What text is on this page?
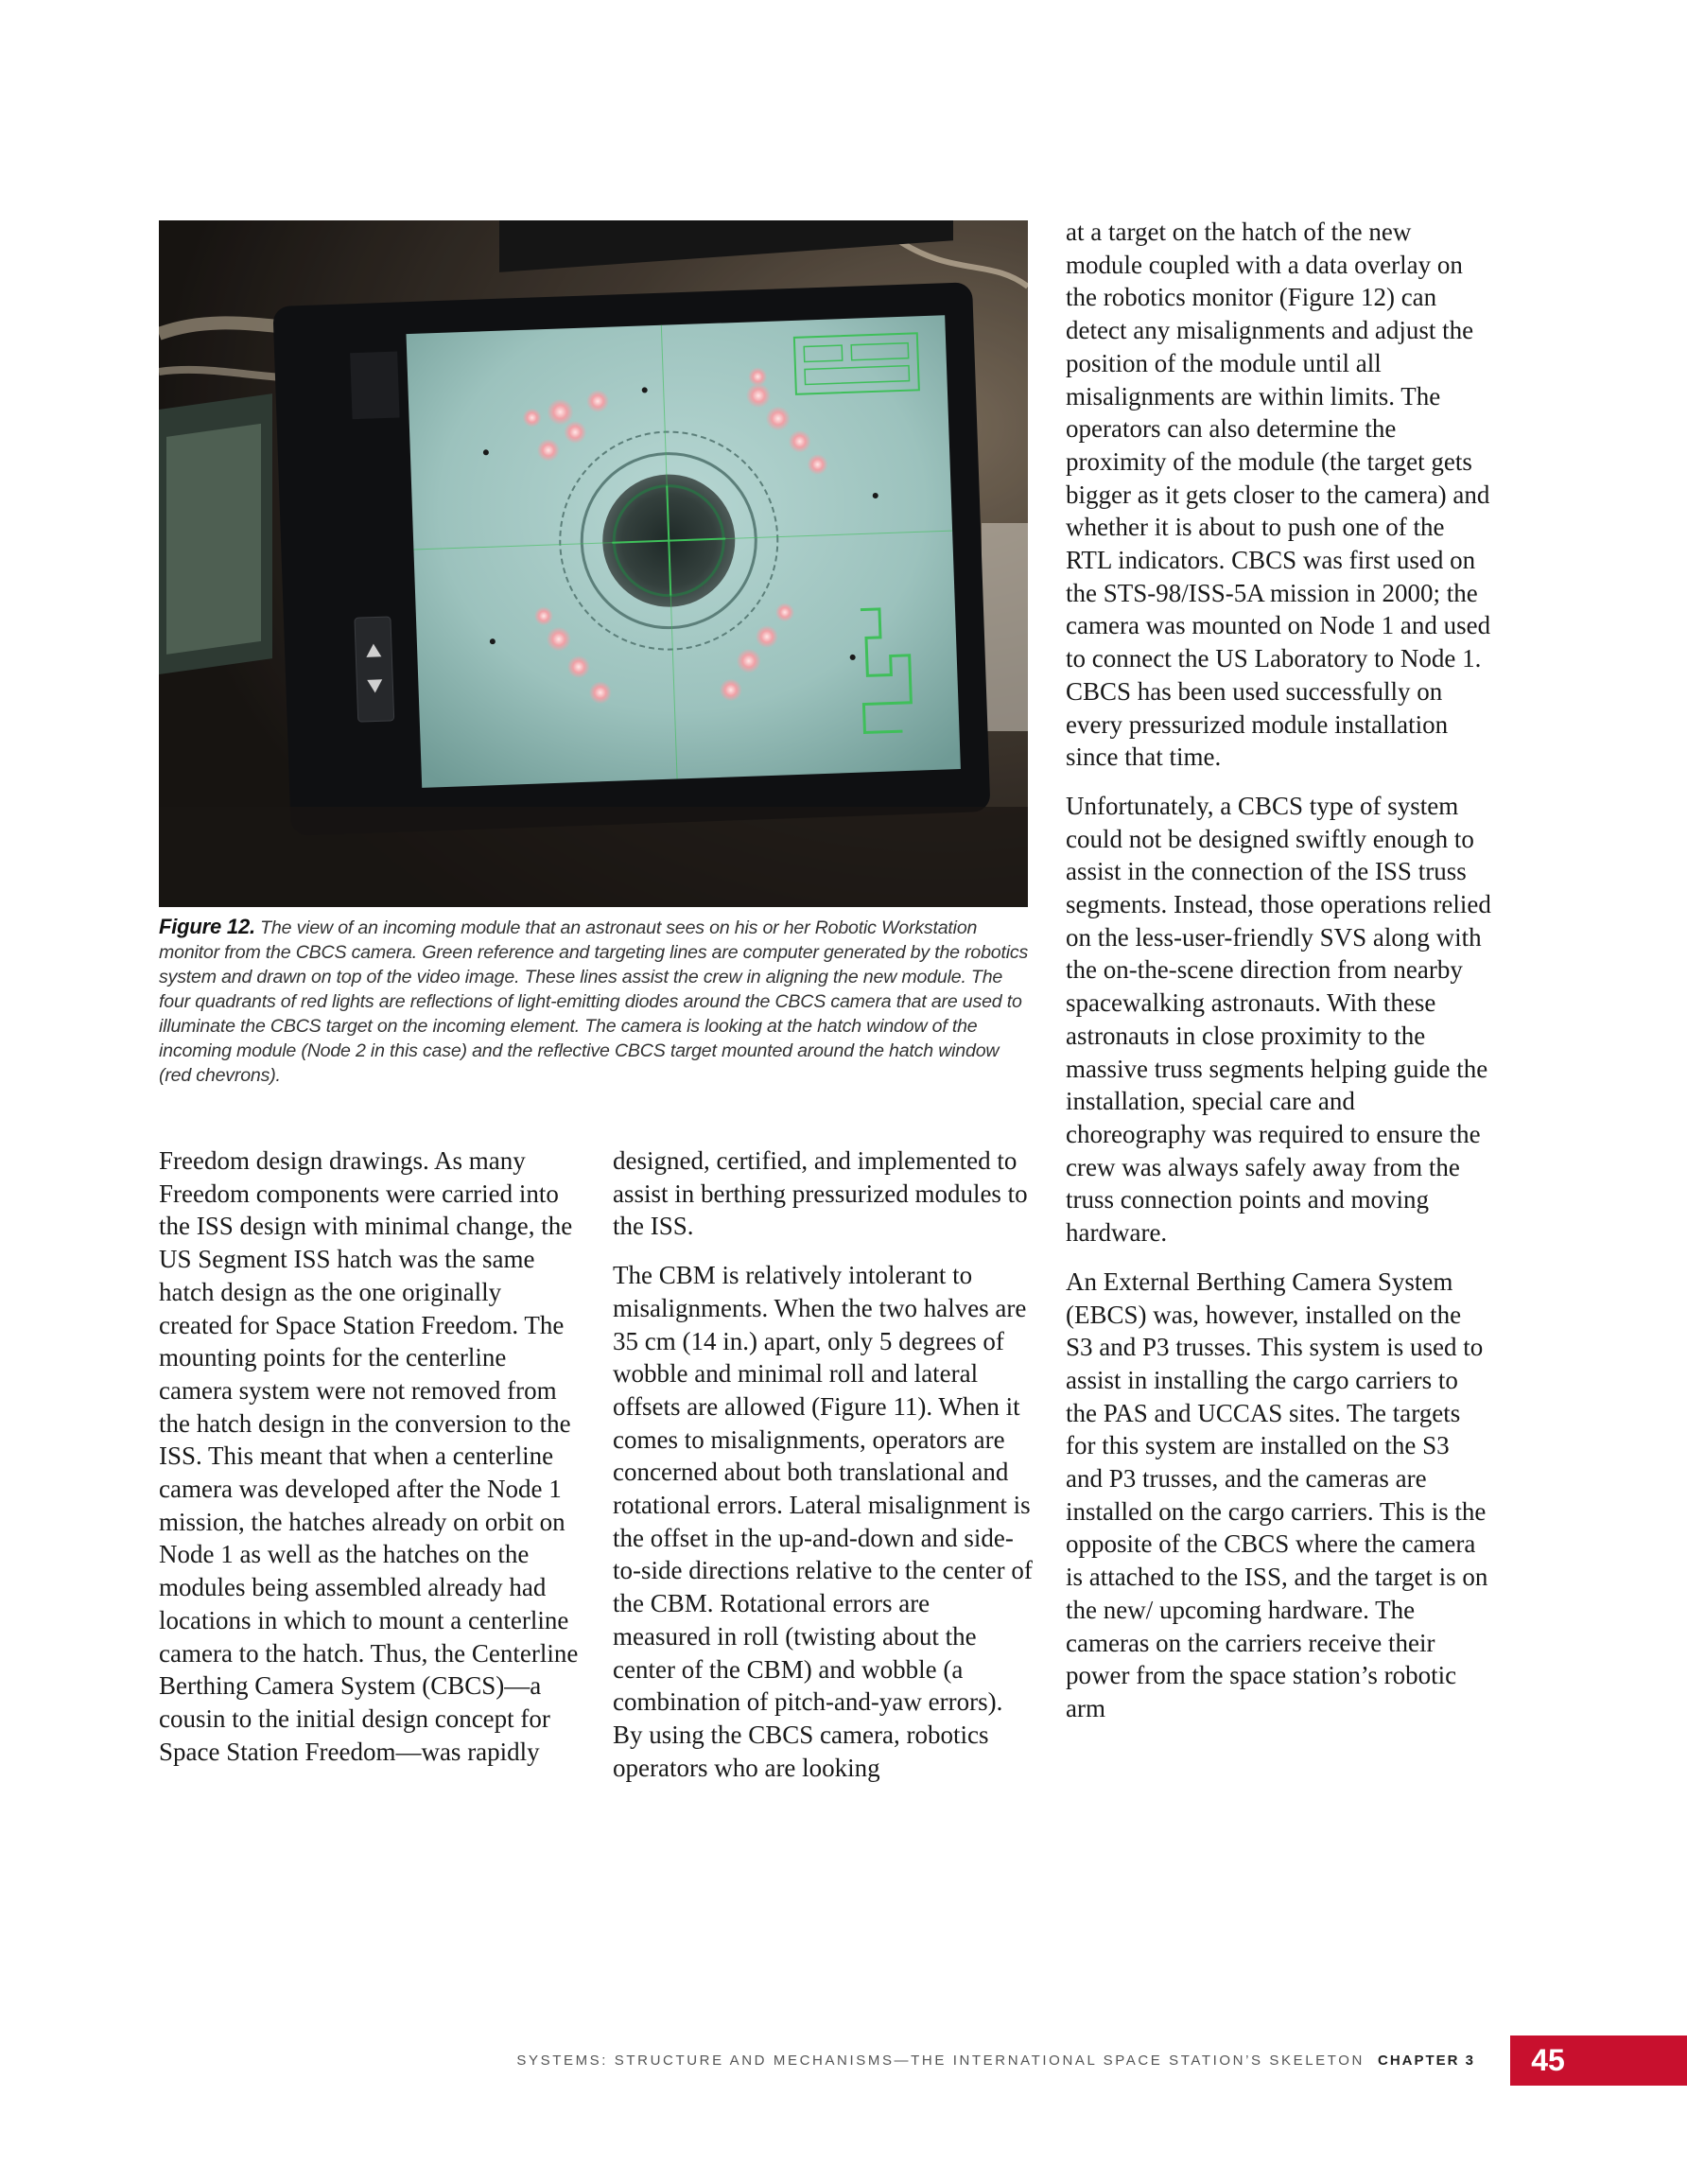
Figure 12. The view of an incoming module that an astronaut sees on his or her Robotic Workstation monitor from the CBCS camera. Green reference and targeting lines are computer generated by the robotics system and drawn on top of the video image. These lines assist the crew in aligning the new module. The four quadrants of red lights are reflections of light-emitting diodes around the CBCS camera that are used to illuminate the CBCS target on the incoming element. The camera is looking at the hatch window of the incoming module (Node 2 in this case) and the reflective CBCS target mounted around the hatch window (red chevrons).

Freedom design drawings. As many Freedom components were carried into the ISS design with minimal change, the US Segment ISS hatch was the same hatch design as the one originally created for Space Station Freedom. The mounting points for the centerline camera system were not removed from the hatch design in the conversion to the ISS. This meant that when a centerline camera was developed after the Node 1 mission, the hatches already on orbit on Node 1 as well as the hatches on the modules being assembled already had locations in which to mount a centerline camera to the hatch. Thus, the Centerline Berthing Camera System (CBCS)—a cousin to the initial design concept for Space Station Freedom—was rapidly

designed, certified, and implemented to assist in berthing pressurized modules to the ISS.

The CBM is relatively intolerant to misalignments. When the two halves are 35 cm (14 in.) apart, only 5 degrees of wobble and minimal roll and lateral offsets are allowed (Figure 11). When it comes to misalignments, operators are concerned about both translational and rotational errors. Lateral misalignment is the offset in the up-and-down and side-to-side directions relative to the center of the CBM. Rotational errors are measured in roll (twisting about the center of the CBM) and wobble (a combination of pitch-and-yaw errors). By using the CBCS camera, robotics operators who are looking

at a target on the hatch of the new module coupled with a data overlay on the robotics monitor (Figure 12) can detect any misalignments and adjust the position of the module until all misalignments are within limits. The operators can also determine the proximity of the module (the target gets bigger as it gets closer to the camera) and whether it is about to push one of the RTL indicators. CBCS was first used on the STS-98/ISS-5A mission in 2000; the camera was mounted on Node 1 and used to connect the US Laboratory to Node 1. CBCS has been used successfully on every pressurized module installation since that time.

Unfortunately, a CBCS type of system could not be designed swiftly enough to assist in the connection of the ISS truss segments. Instead, those operations relied on the less-user-friendly SVS along with the on-the-scene direction from nearby spacewalking astronauts. With these astronauts in close proximity to the massive truss segments helping guide the installation, special care and choreography was required to ensure the crew was always safely away from the truss connection points and moving hardware.

An External Berthing Camera System (EBCS) was, however, installed on the S3 and P3 trusses. This system is used to assist in installing the cargo carriers to the PAS and UCCAS sites. The targets for this system are installed on the S3 and P3 trusses, and the cameras are installed on the cargo carriers. This is the opposite of the CBCS where the camera is attached to the ISS, and the target is on the new/ upcoming hardware. The cameras on the carriers receive their power from the space station’s robotic arm

SYSTEMS: STRUCTURE AND MECHANISMS—THE INTERNATIONAL SPACE STATION’S SKELETON CHAPTER 3	45
